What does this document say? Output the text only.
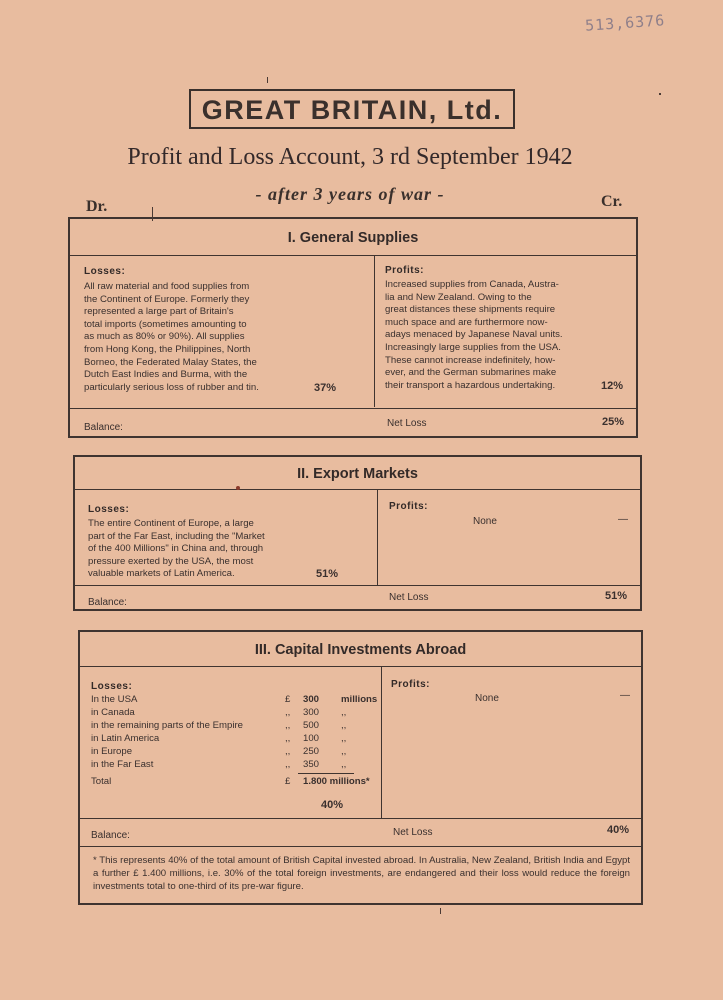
513,6376
GREAT BRITAIN, Ltd.
Profit and Loss Account, 3 rd September 1942
- after 3 years of war -
Dr.	Cr.
I. General Supplies
Losses:
All raw material and food supplies from
the Continent of Europe. Formerly they
represented a large part of Britain's
total imports (sometimes amounting to
as much as 80% or 90%). All supplies
from Hong Kong, the Philippines, North
Borneo, the Federated Malay States, the
Dutch East Indies and Burma, with the
particularly serious loss of rubber and tin.	37%
Profits:
Increased supplies from Canada, Austra-
lia and New Zealand. Owing to the
great distances these shipments require
much space and are furthermore now-
adays menaced by Japanese Naval units.
Increasingly large supplies from the USA.
These cannot increase indefinitely, how-
ever, and the German submarines make
their transport a hazardous undertaking.	12%
Balance:	Net Loss	25%
II. Export Markets
Losses:
The entire Continent of Europe, a large
part of the Far East, including the "Market
of the 400 Millions" in China and, through
pressure exerted by the USA, the most
valuable markets of Latin America.	51%
Profits:
None	—
Balance:	Net Loss	51%
III. Capital Investments Abroad
Losses:
In the USA	£	300 millions
in Canada	,,	300 ,,
in the remaining parts of the Empire	,,	500 ,,
in Latin America	,,	100 ,,
in Europe	,,	250 ,,
in the Far East	,,	350 ,,
Total	£	1.800 millions*
40%
Profits:
None	—
Balance:	Net Loss	40%
* This represents 40% of the total amount of British Capital invested abroad. In Australia, New Zealand, British India and Egypt a further £ 1.400 millions, i.e. 30% of the total foreign investments, are endangered and their loss would reduce the foreign investments total to one-third of its pre-war figure.
